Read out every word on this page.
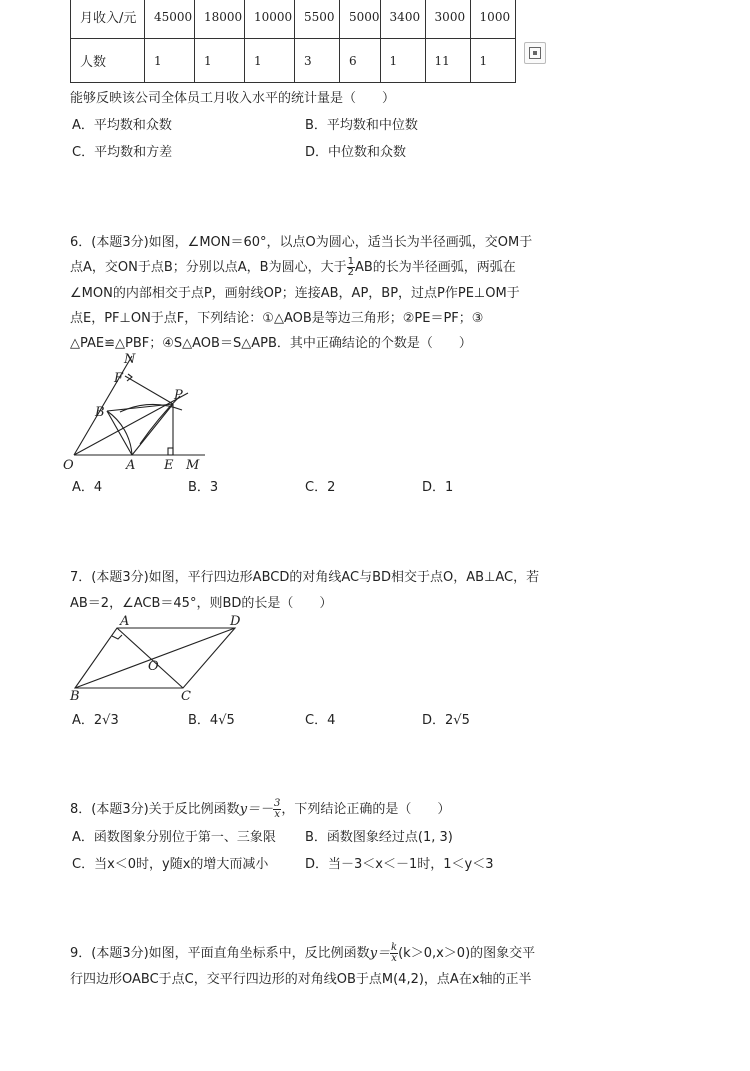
月收入/元	45000	18000	10000	5500	5000	3400	3000	1000
人数	1	1	1	3	6	1	11	1
能够反映该公司全体员工月收入水平的统计量是（　　）
A．平均数和众数	B．平均数和中位数
C．平均数和方差	D．中位数和众数
6．(本题3分)如图，∠MON＝60°，以点O为圆心，适当长为半径画弧，交OM于
点A，交ON于点B；分别以点A，B为圆心，大于 $\frac{1}{2}$ AB的长为半径画弧，两弧在
∠MON的内部相交于点P，画射线OP；连接AB，AP，BP，过点P作PE⊥OM于
点E，PF⊥ON于点F，下列结论：①△AOB是等边三角形；②PE＝PF；③
△PAE≌△PBF；④S△AOB＝S△APB．其中正确结论的个数是（　　）
O	A E M
B
F
N
P
A．4	B．3	C．2	D．1
7．(本题3分)如图，平行四边形ABCD的对角线AC与BD相交于点O，AB⊥AC，若
AB＝2，∠ACB＝45°，则BD的长是（　　）
A	D
O
B	C
A．2√3	B．4√5	C．4	D．2√5
8．(本题3分)关于反比例函数$y=- \frac{3}{x}$ ，下列结论正确的是（　　）
A．函数图象分别位于第一、三象限 B．函数图象经过点(1, 3)
C．当x＜0时，y随x的增大而减小	D．当－3＜x＜－1时，1＜y＜3
9．(本题3分)如图，平面直角坐标系中，反比例函数$y= \frac{k}{x} (k>0,x>0)$的图象交平
行四边形OABC于点C，交平行四边形的对角线OB于点M(4,2)，点A在x轴的正半
